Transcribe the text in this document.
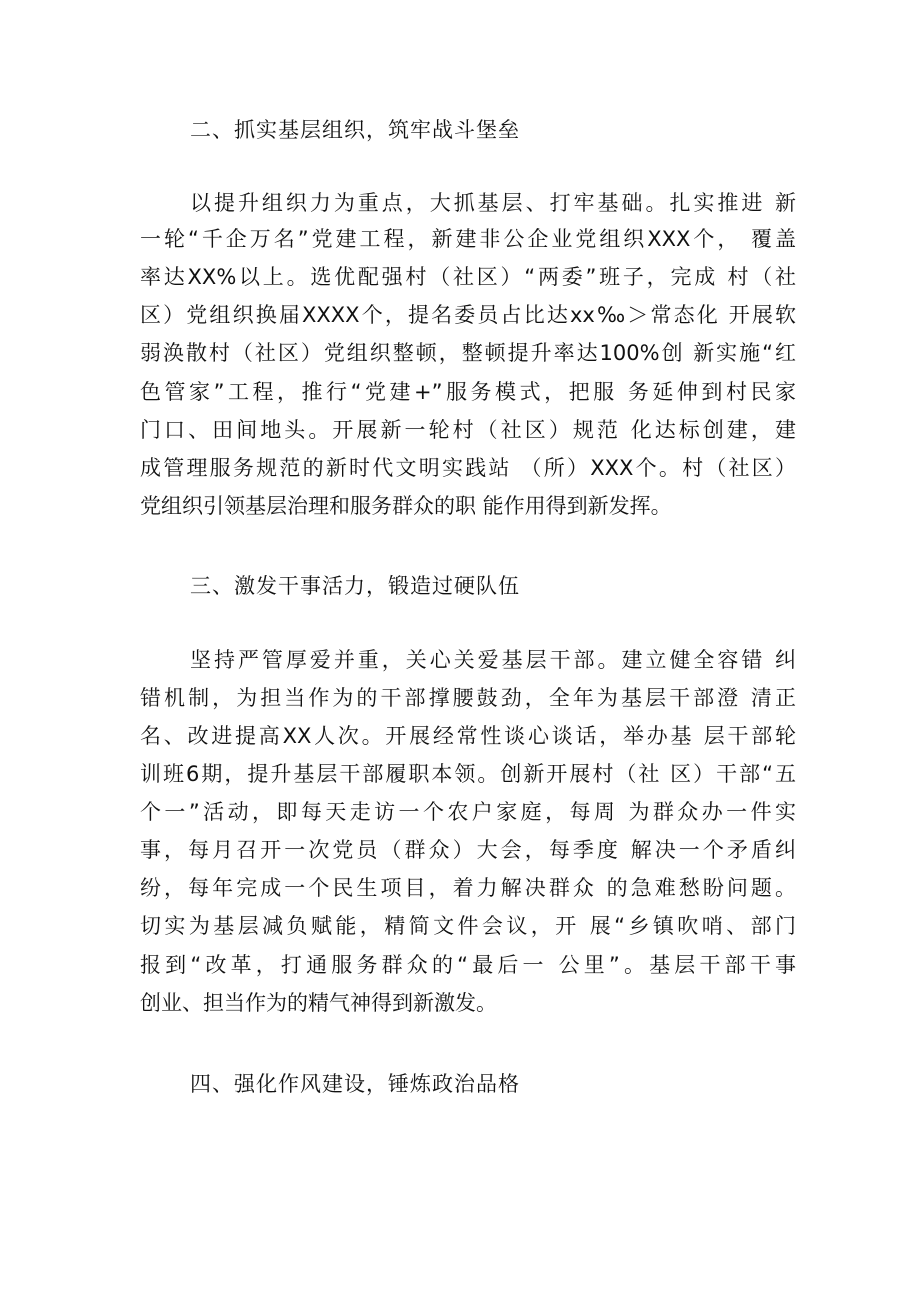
二、抓实基层组织，筑牢战斗堡垒
以提升组织力为重点，大抓基层、打牢基础。扎实推进 新
一轮“千企万名”党建工程，新建非公企业党组织XXX个， 覆盖
率达XX%以上。选优配强村（社区）“两委”班子，完成 村（社
区）党组织换届XXXX个，提名委员占比达xx‰＞常态化 开展软
弱涣散村（社区）党组织整顿，整顿提升率达100%创 新实施“红
色管家”工程，推行“党建+”服务模式，把服 务延伸到村民家
门口、田间地头。开展新一轮村（社区）规范 化达标创建，建
成管理服务规范的新时代文明实践站 （所）XXX个。村（社区）
党组织引领基层治理和服务群众的职 能作用得到新发挥。
三、激发干事活力，锻造过硬队伍
坚持严管厚爱并重，关心关爱基层干部。建立健全容错 纠
错机制，为担当作为的干部撑腰鼓劲，全年为基层干部澄 清正
名、改进提高XX人次。开展经常性谈心谈话，举办基 层干部轮
训班6期，提升基层干部履职本领。创新开展村（社 区）干部“五
个一”活动，即每天走访一个农户家庭，每周 为群众办一件实
事，每月召开一次党员（群众）大会，每季度 解决一个矛盾纠
纷，每年完成一个民生项目，着力解决群众 的急难愁盼问题。
切实为基层减负赋能，精简文件会议，开 展“乡镇吹哨、部门
报到“改革，打通服务群众的“最后一 公里”。基层干部干事
创业、担当作为的精气神得到新激发。
四、强化作风建设，锤炼政治品格
